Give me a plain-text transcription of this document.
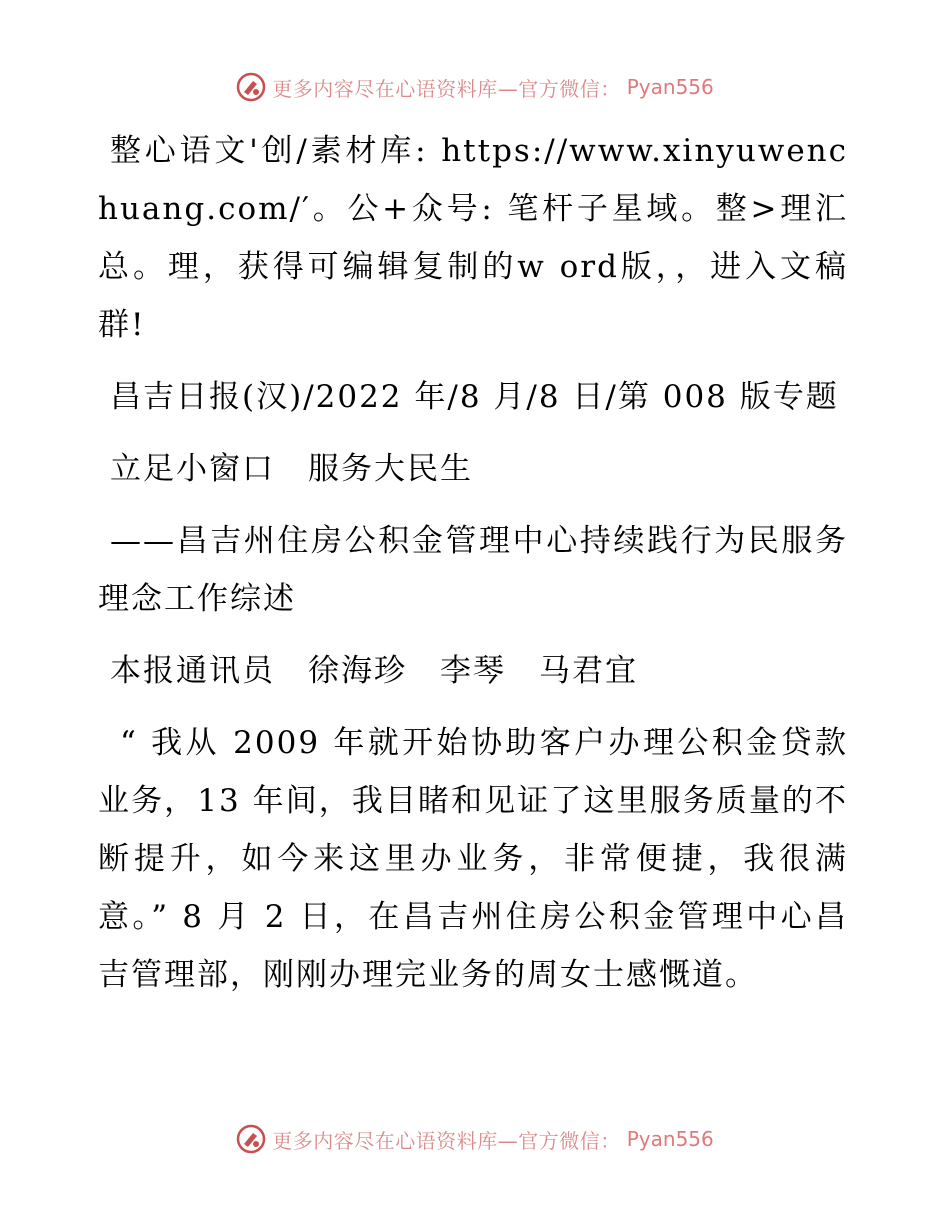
更多内容尽在心语资料库—官方微信： Pyan556

整心语文'创/素材库: https://www.xinyuwenchuang.com/′。公+众号: 笔杆子星域。整>理汇总。理，获得可编辑复制的w ord版，，进入文稿群!

昌吉日报(汉)/2022 年/8 月/8 日/第 008 版专题

立足小窗口　服务大民生

——昌吉州住房公积金管理中心持续践行为民服务理念工作综述

本报通讯员　徐海珍　李琴　马君宜

“ 我从 2009 年就开始协助客户办理公积金贷款业务，13 年间，我目睹和见证了这里服务质量的不断提升，如今来这里办业务，非常便捷，我很满意。” 8 月 2 日，在昌吉州住房公积金管理中心昌吉管理部，刚刚办理完业务的周女士感慨道。

更多内容尽在心语资料库—官方微信： Pyan556
